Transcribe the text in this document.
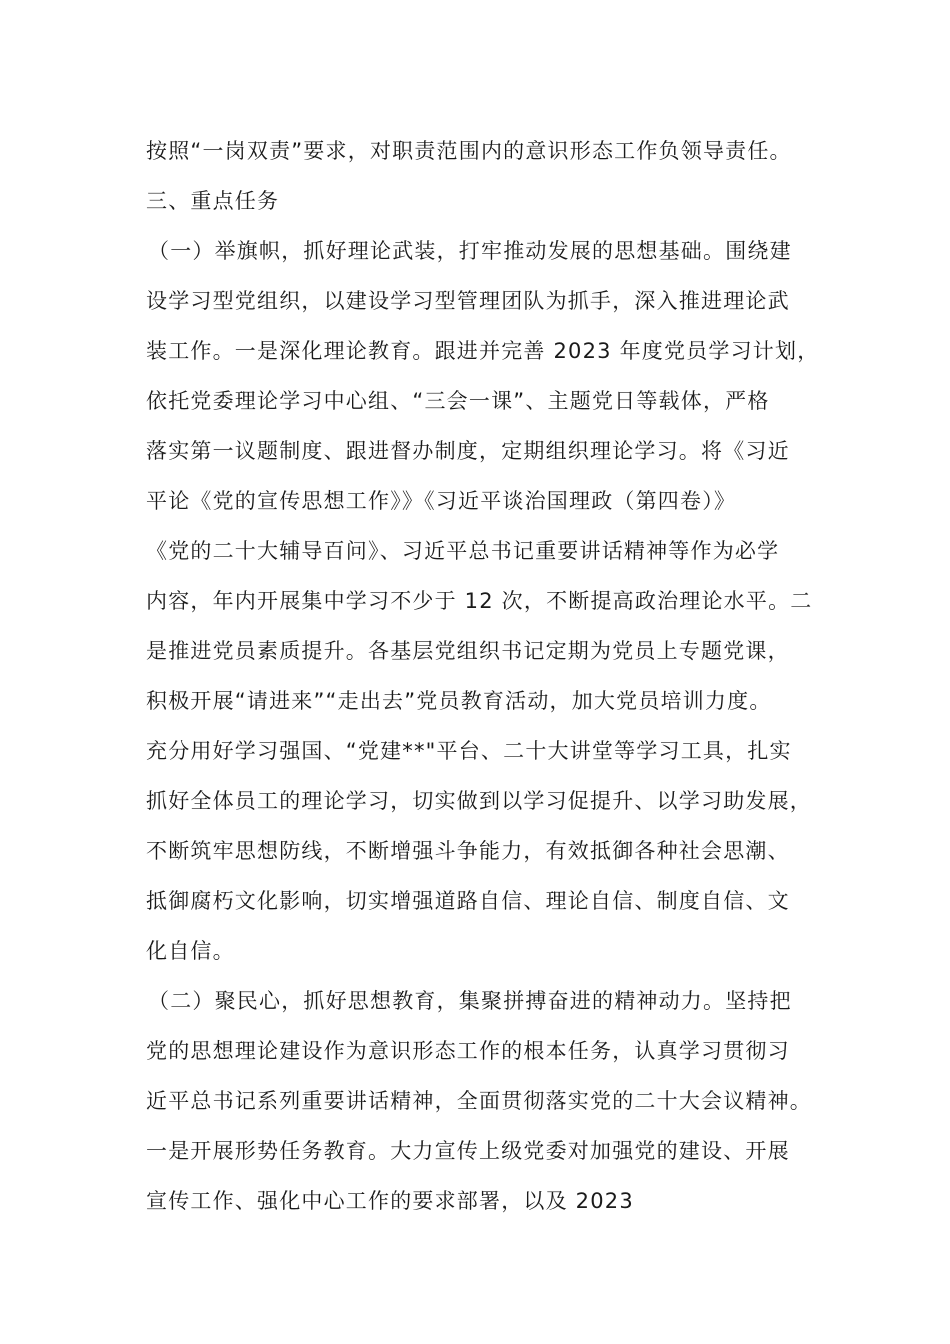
按照“一岗双责”要求，对职责范围内的意识形态工作负领导责任。
三、重点任务
（一）举旗帜，抓好理论武装，打牢推动发展的思想基础。围绕建
设学习型党组织，以建设学习型管理团队为抓手，深入推进理论武
装工作。一是深化理论教育。跟进并完善 2023 年度党员学习计划，
依托党委理论学习中心组、“三会一课”、主题党日等载体，严格
落实第一议题制度、跟进督办制度，定期组织理论学习。将《习近
平论《党的宣传思想工作》》《习近平谈治国理政（第四卷）》
《党的二十大辅导百问》、习近平总书记重要讲话精神等作为必学
内容，年内开展集中学习不少于 12 次，不断提高政治理论水平。二
是推进党员素质提升。各基层党组织书记定期为党员上专题党课，
积极开展“请进来”“走出去”党员教育活动，加大党员培训力度。
充分用好学习强国、“党建**"平台、二十大讲堂等学习工具，扎实
抓好全体员工的理论学习，切实做到以学习促提升、以学习助发展，
不断筑牢思想防线，不断增强斗争能力，有效抵御各种社会思潮、
抵御腐朽文化影响，切实增强道路自信、理论自信、制度自信、文
化自信。
（二）聚民心，抓好思想教育，集聚拼搏奋进的精神动力。坚持把
党的思想理论建设作为意识形态工作的根本任务，认真学习贯彻习
近平总书记系列重要讲话精神，全面贯彻落实党的二十大会议精神。
一是开展形势任务教育。大力宣传上级党委对加强党的建设、开展
宣传工作、强化中心工作的要求部署，以及 2023
